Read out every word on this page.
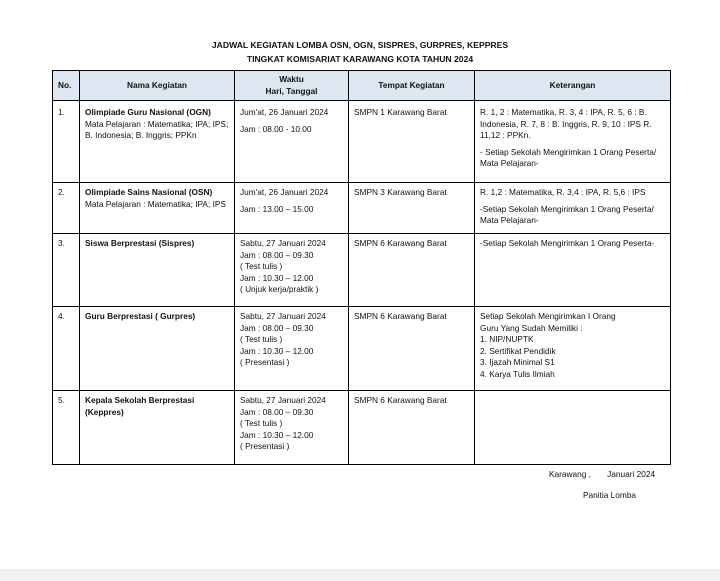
JADWAL KEGIATAN LOMBA OSN, OGN, SISPRES, GURPRES, KEPPRES
TINGKAT KOMISARIAT KARAWANG KOTA TAHUN 2024
No.	Nama Kegiatan	Waktu
Hari, Tanggal	Tempat Kegiatan	Keterangan
1.	Olimpiade Guru Nasional (OGN)
Mata Pelajaran : Matematika; IPA; IPS; B. Indonesia; B. Inggris; PPKn	Jum'at, 26 Januari 2024
Jam : 08.00 - 10.00	SMPN 1 Karawang Barat	R. 1, 2 : Matematika, R. 3, 4 : IPA, R. 5, 6 : B. Indonesia, R. 7, 8 : B. Inggris, R. 9, 10 : IPS R. 11,12 : PPKn.
- Setiap Sekolah Mengirimkan 1 Orang Peserta/ Mata Pelajaran-

2.	Olimpiade Sains Nasional (OSN)
Mata Pelajaran : Matematika; IPA; IPS	Jum'at, 26 Januari 2024
Jam : 13.00 – 15.00	SMPN 3 Karawang Barat	R. 1,2 : Matematika, R. 3,4 : IPA, R. 5,6 : IPS
-Setiap Sekolah Mengirimkan 1 Orang Peserta/ Mata Pelajaran-

3.	Siswa Berprestasi (Sispres)	Sabtu, 27 Januari 2024
Jam : 08.00 – 09.30
( Test tulis )
Jam : 10.30 – 12.00
( Unjuk kerja/praktik )	SMPN 6 Karawang Barat	-Setiap Sekolah Mengirimkan 1 Orang Peserta-

4.	Guru Berprestasi ( Gurpres)	Sabtu, 27 Januari 2024
Jam : 08.00 – 09.30
( Test tulis )
Jam : 10.30 – 12.00
( Presentasi )	SMPN 6 Karawang Barat	Setiap Sekolah Mengirimkan I Orang Guru Yang Sudah Memiliki :
1. NIP/NUPTK
2. Sertifikat Pendidik
3. Ijazah Minimal S1
4. Karya Tulis Ilmiah

5.	Kepala Sekolah Berprestasi (Keppres)	Sabtu, 27 Januari 2024
Jam : 08.00 – 09.30
( Test tulis )
Jam : 10.30 – 12.00
( Presentasi )	SMPN 6 Karawang Barat	
Karawang ,       Januari 2024
Panitia Lomba
